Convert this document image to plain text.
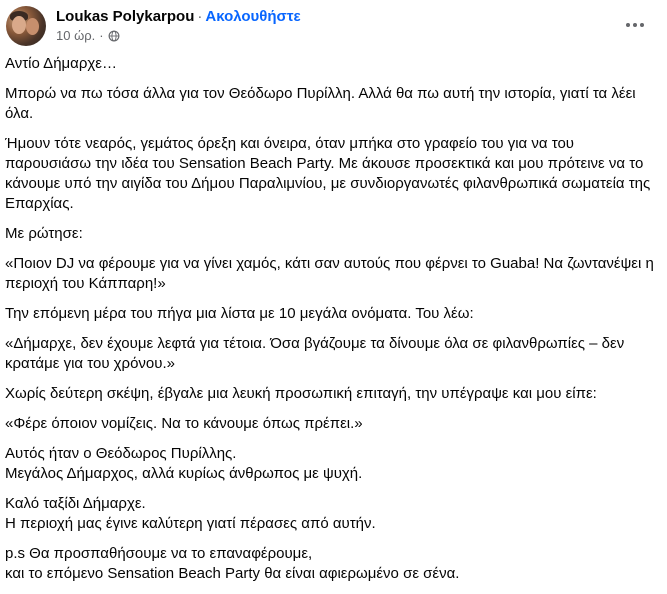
Loukas Polykarpou · Ακολουθήστε
10 ώρ. ·

Αντίο Δήμαρχε…

Μπορώ να πω τόσα άλλα για τον Θεόδωρο Πυρίλλη. Αλλά θα πω αυτή την ιστορία, γιατί τα λέει όλα.

Ήμουν τότε νεαρός, γεμάτος όρεξη και όνειρα, όταν μπήκα στο γραφείο του για να του παρουσιάσω την ιδέα του Sensation Beach Party. Με άκουσε προσεκτικά και μου πρότεινε να το κάνουμε υπό την αιγίδα του Δήμου Παραλιμνίου, με συνδιοργανωτές φιλανθρωπικά σωματεία της Επαρχίας.

Με ρώτησε:

«Ποιον DJ να φέρουμε για να γίνει χαμός, κάτι σαν αυτούς που φέρνει το Guaba! Να ζωντανέψει η περιοχή του Κάππαρη!»

Την επόμενη μέρα του πήγα μια λίστα με 10 μεγάλα ονόματα. Του λέω:

«Δήμαρχε, δεν έχουμε λεφτά για τέτοια. Όσα βγάζουμε τα δίνουμε όλα σε φιλανθρωπίες – δεν κρατάμε για του χρόνου.»

Χωρίς δεύτερη σκέψη, έβγαλε μια λευκή προσωπική επιταγή, την υπέγραψε και μου είπε:

«Φέρε όποιον νομίζεις. Να το κάνουμε όπως πρέπει.»

Αυτός ήταν ο Θεόδωρος Πυρίλλης.

Μεγάλος Δήμαρχος, αλλά κυρίως άνθρωπος με ψυχή.

Καλό ταξίδι Δήμαρχε.

Η περιοχή μας έγινε καλύτερη γιατί πέρασες από αυτήν.

p.s Θα προσπαθήσουμε να το επαναφέρουμε,

και το επόμενο Sensation Beach Party θα είναι αφιερωμένο σε σένα.
